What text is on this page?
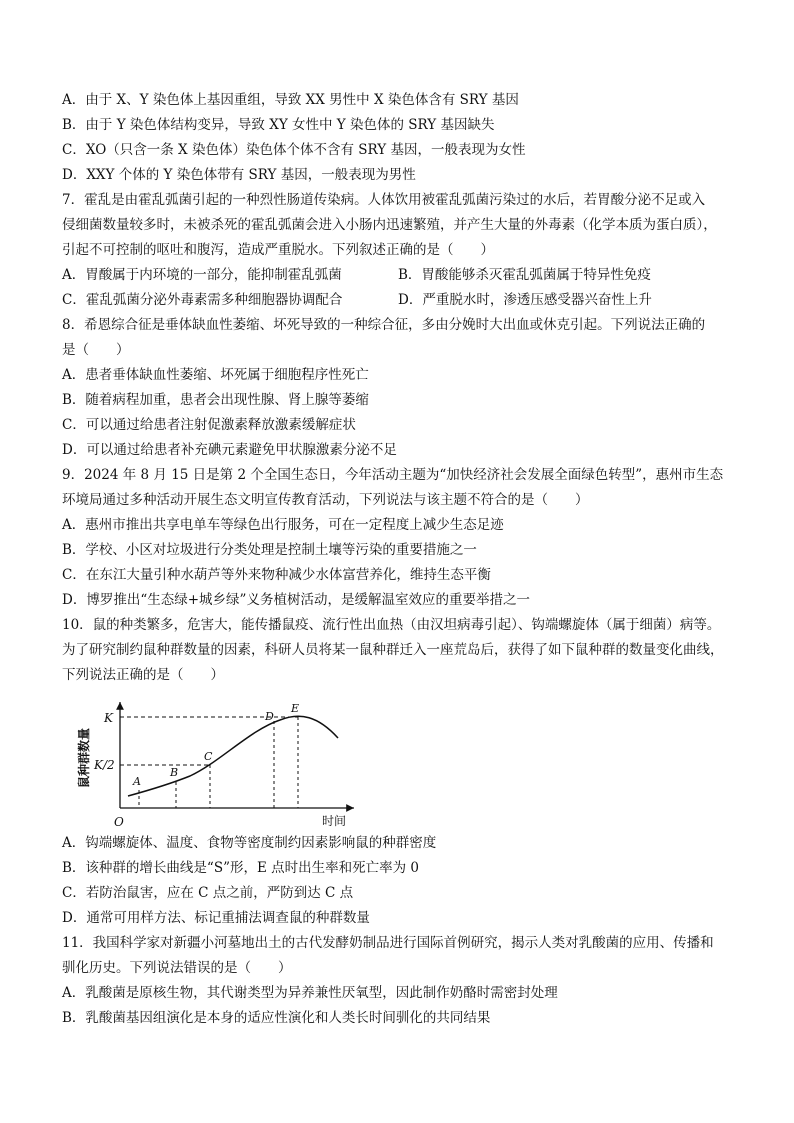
A．由于 X、Y 染色体上基因重组，导致 XX 男性中 X 染色体含有 SRY 基因
B．由于 Y 染色体结构变异，导致 XY 女性中 Y 染色体的 SRY 基因缺失
C．XO（只含一条 X 染色体）染色体个体不含有 SRY 基因，一般表现为女性
D．XXY 个体的 Y 染色体带有 SRY 基因，一般表现为男性
7．霍乱是由霍乱弧菌引起的一种烈性肠道传染病。人体饮用被霍乱弧菌污染过的水后，若胃酸分泌不足或入
侵细菌数量较多时，未被杀死的霍乱弧菌会进入小肠内迅速繁殖，并产生大量的外毒素（化学本质为蛋白质），
引起不可控制的呕吐和腹泻，造成严重脱水。下列叙述正确的是（　　）
A．胃酸属于内环境的一部分，能抑制霍乱弧菌	B．胃酸能够杀灭霍乱弧菌属于特异性免疫
C．霍乱弧菌分泌外毒素需多种细胞器协调配合	D．严重脱水时，渗透压感受器兴奋性上升
8．希恩综合征是垂体缺血性萎缩、坏死导致的一种综合征，多由分娩时大出血或休克引起。下列说法正确的
是（　　）
A．患者垂体缺血性萎缩、坏死属于细胞程序性死亡
B．随着病程加重，患者会出现性腺、肾上腺等萎缩
C．可以通过给患者注射促激素释放激素缓解症状
D．可以通过给患者补充碘元素避免甲状腺激素分泌不足
9．2024 年 8 月 15 日是第 2 个全国生态日，今年活动主题为“加快经济社会发展全面绿色转型”，惠州市生态
环境局通过多种活动开展生态文明宣传教育活动，下列说法与该主题不符合的是（　　）
A．惠州市推出共享电单车等绿色出行服务，可在一定程度上减少生态足迹
B．学校、小区对垃圾进行分类处理是控制土壤等污染的重要措施之一
C．在东江大量引种水葫芦等外来物种减少水体富营养化，维持生态平衡
D．博罗推出“生态绿+城乡绿”义务植树活动，是缓解温室效应的重要举措之一
10．鼠的种类繁多，危害大，能传播鼠疫、流行性出血热（由汉坦病毒引起）、钩端螺旋体（属于细菌）病等。
为了研究制约鼠种群数量的因素，科研人员将某一鼠种群迁入一座荒岛后，获得了如下鼠种群的数量变化曲线，
下列说法正确的是（　　）
鼠种群数量
时间
O
K
K/2
A
B
C
D
E
A．钩端螺旋体、温度、食物等密度制约因素影响鼠的种群密度
B．该种群的增长曲线是“S”形，E 点时出生率和死亡率为 0
C．若防治鼠害，应在 C 点之前，严防到达 C 点
D．通常可用样方法、标记重捕法调查鼠的种群数量
11．我国科学家对新疆小河墓地出土的古代发酵奶制品进行国际首例研究，揭示人类对乳酸菌的应用、传播和
驯化历史。下列说法错误的是（　　）
A．乳酸菌是原核生物，其代谢类型为异养兼性厌氧型，因此制作奶酪时需密封处理
B．乳酸菌基因组演化是本身的适应性演化和人类长时间驯化的共同结果
